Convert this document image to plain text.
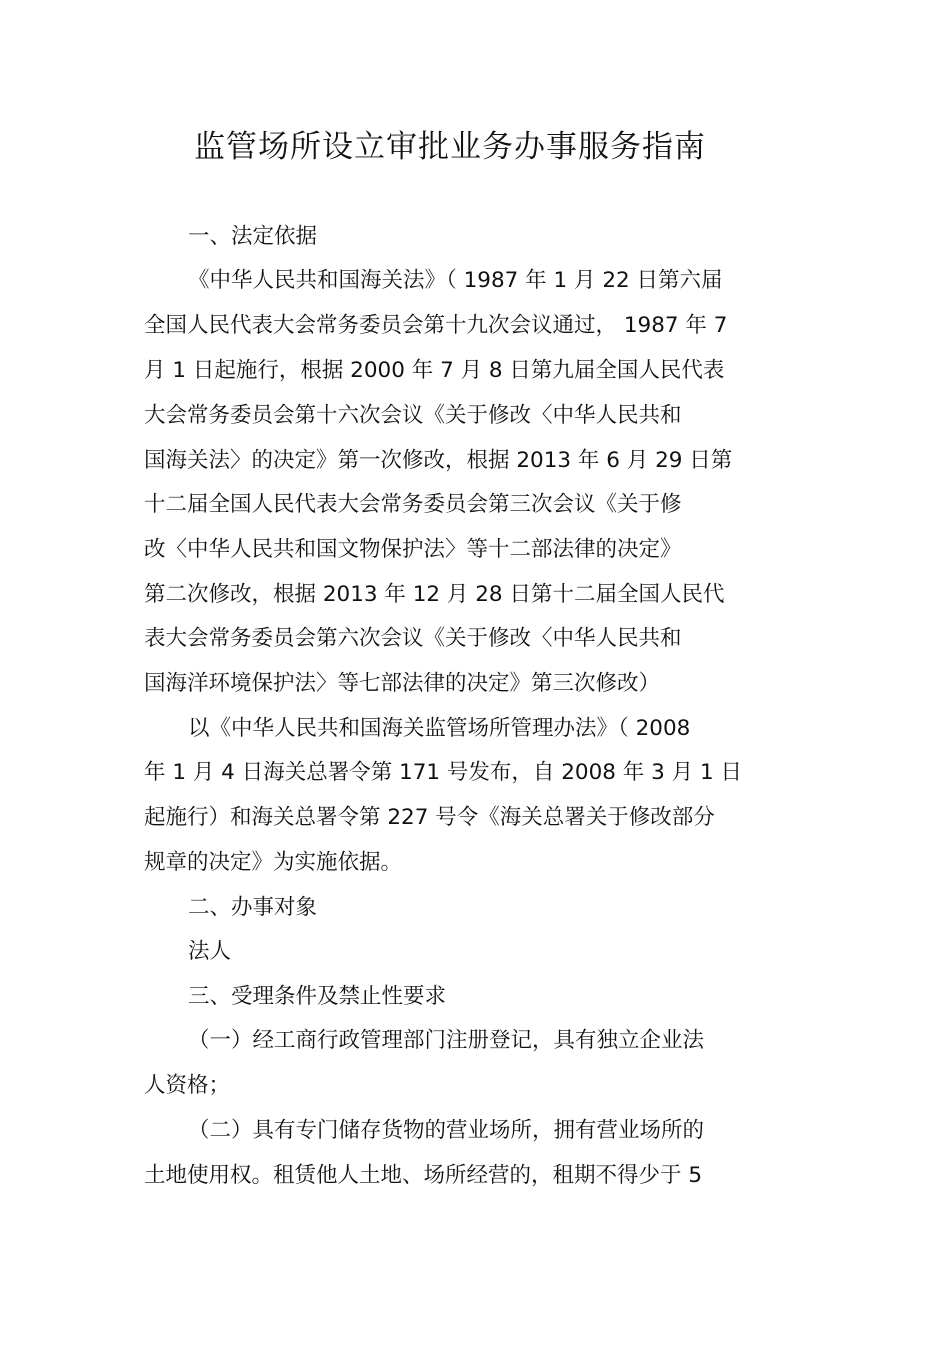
监管场所设立审批业务办事服务指南
一、法定依据
《中华人民共和国海关法》（ 1987 年 1 月 22 日第六届
全国人民代表大会常务委员会第十九次会议通过， 1987 年 7
月 1 日起施行，根据 2000 年 7 月 8 日第九届全国人民代表
大会常务委员会第十六次会议《关于修改〈中华人民共和
国海关法〉的决定》第一次修改，根据 2013 年 6 月 29 日第
十二届全国人民代表大会常务委员会第三次会议《关于修
改〈中华人民共和国文物保护法〉等十二部法律的决定》
第二次修改，根据 2013 年 12 月 28 日第十二届全国人民代
表大会常务委员会第六次会议《关于修改〈中华人民共和
国海洋环境保护法〉等七部法律的决定》第三次修改）
以《中华人民共和国海关监管场所管理办法》（ 2008
年 1 月 4 日海关总署令第 171 号发布，自 2008 年 3 月 1 日
起施行）和海关总署令第 227 号令《海关总署关于修改部分
规章的决定》为实施依据。
二、办事对象
法人
三、受理条件及禁止性要求
（一）经工商行政管理部门注册登记，具有独立企业法
人资格；
（二）具有专门储存货物的营业场所，拥有营业场所的
土地使用权。租赁他人土地、场所经营的，租期不得少于 5
